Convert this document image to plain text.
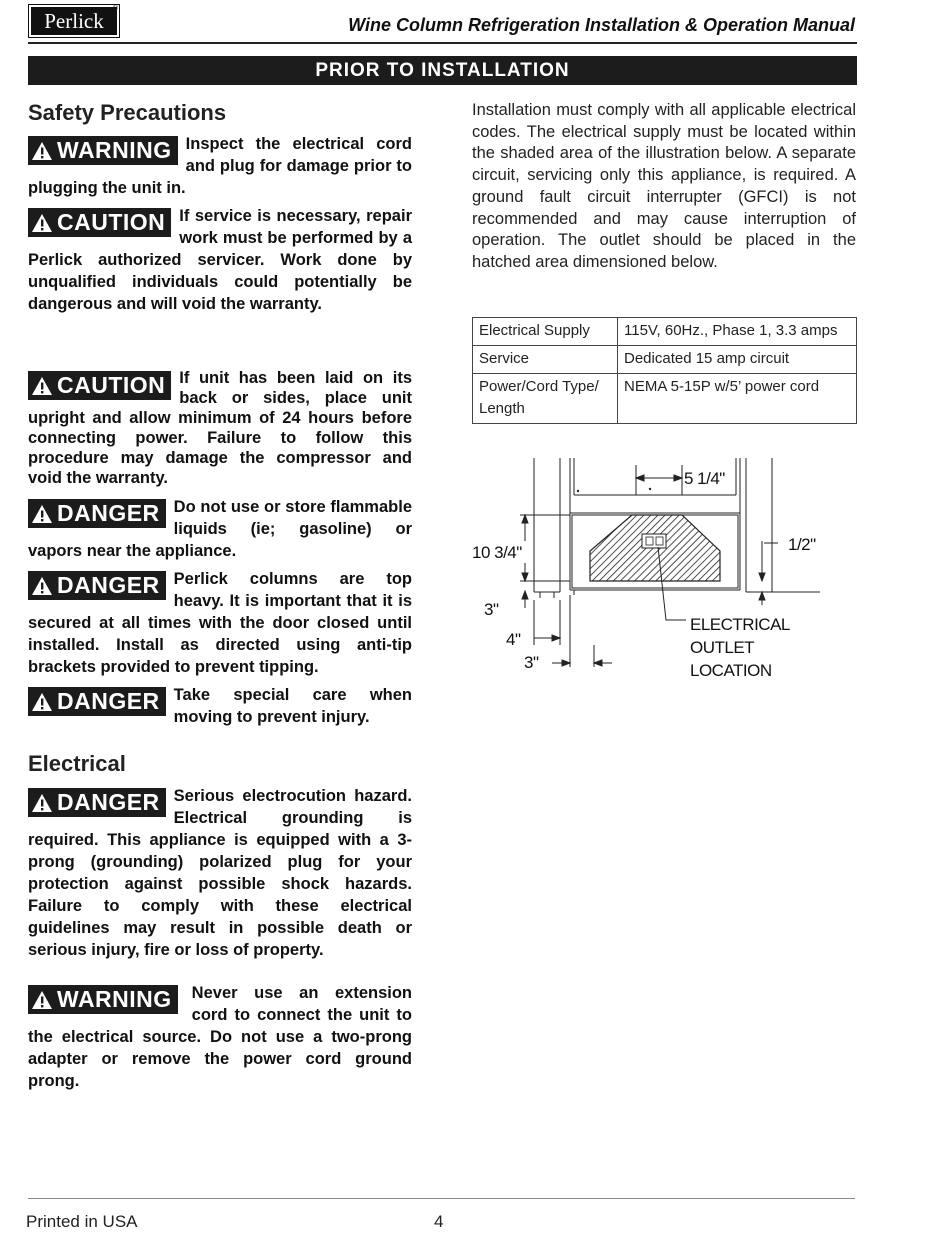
Perlick
®
Wine Column Refrigeration Installation & Operation Manual
PRIOR TO INSTALLATION
Safety Precautions
WARNING Inspect the electrical cord and plug for damage prior to plugging the unit in.
CAUTION If service is necessary, repair work must be performed by a Perlick authorized servicer. Work done by unqualified individuals could potentially be dangerous and will void the warranty.
CAUTION If unit has been laid on its back or sides, place unit upright and allow minimum of 24 hours before connecting power. Failure to follow this procedure may damage the compressor and void the warranty.
DANGER Do not use or store flammable liquids (ie; gasoline) or vapors near the appliance.
DANGER Perlick columns are top heavy. It is important that it is secured at all times with the door closed until installed. Install as directed using anti-tip brackets provided to prevent tipping.
DANGER Take special care when moving to prevent injury.
Electrical
DANGER Serious electrocution hazard. Electrical grounding is required. This appliance is equipped with a 3-prong (grounding) polarized plug for your protection against possible shock hazards. Failure to comply with these electrical guidelines may result in possible death or serious injury, fire or loss of property.
WARNING	Never use an extension cord to connect the unit to the electrical source. Do not use a two-prong adapter or remove the power cord ground prong.
Installation must comply with all applicable electrical codes. The electrical supply must be located within the shaded area of the illustration below. A separate circuit, servicing only this appliance, is required. A ground fault circuit interrupter (GFCI) is not recommended and may cause interruption of operation. The outlet should be placed in the hatched area dimensioned below.
Electrical Supply	115V, 60Hz., Phase 1, 3.3 amps
Service	Dedicated 15 amp circuit
Power/Cord Type/ Length	NEMA 5-15P w/5’ power cord
5 1/4"
10 3/4"	1/2"
3"
4"
3"
ELECTRICAL
OUTLET
LOCATION
Printed in USA	4
